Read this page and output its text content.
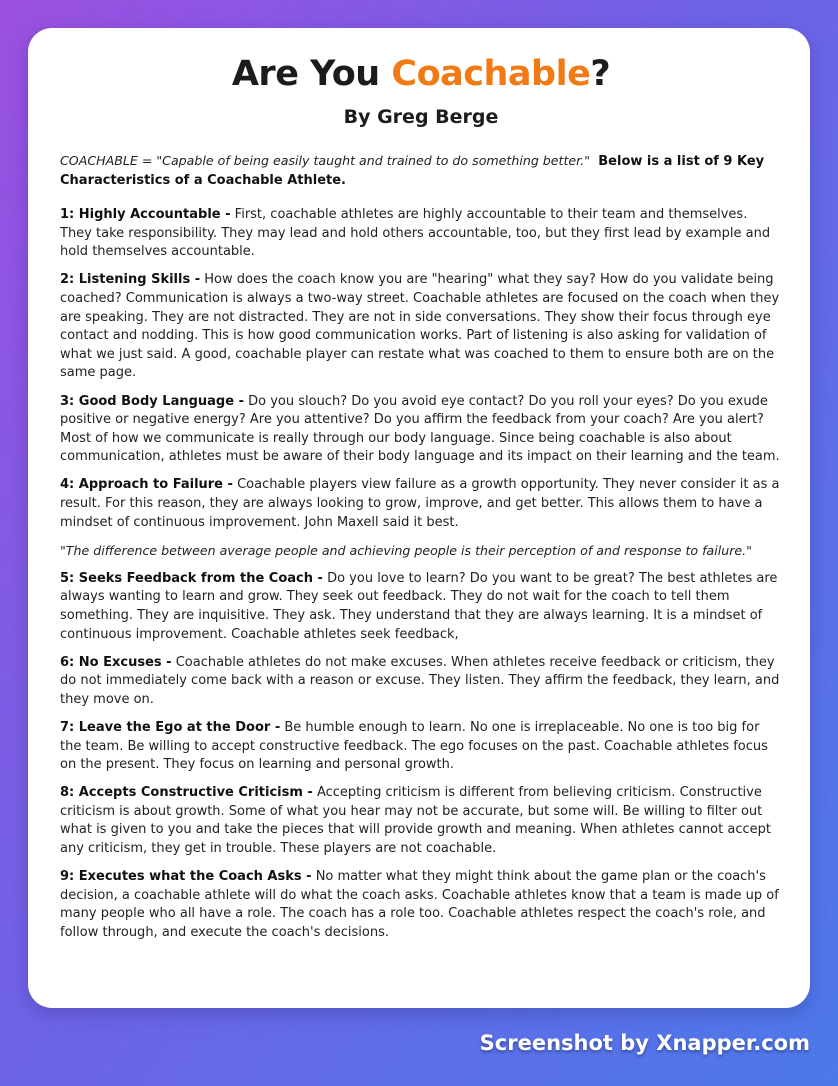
Are You Coachable?
By Greg Berge

COACHABLE = "Capable of being easily taught and trained to do something better." Below is a list of 9 Key Characteristics of a Coachable Athlete.

1: Highly Accountable - First, coachable athletes are highly accountable to their team and themselves. They take responsibility. They may lead and hold others accountable, too, but they first lead by example and hold themselves accountable.

2: Listening Skills - How does the coach know you are "hearing" what they say? How do you validate being coached? Communication is always a two-way street. Coachable athletes are focused on the coach when they are speaking. They are not distracted. They are not in side conversations. They show their focus through eye contact and nodding. This is how good communication works. Part of listening is also asking for validation of what we just said. A good, coachable player can restate what was coached to them to ensure both are on the same page.

3: Good Body Language - Do you slouch? Do you avoid eye contact? Do you roll your eyes? Do you exude positive or negative energy? Are you attentive? Do you affirm the feedback from your coach? Are you alert? Most of how we communicate is really through our body language. Since being coachable is also about communication, athletes must be aware of their body language and its impact on their learning and the team.

4: Approach to Failure - Coachable players view failure as a growth opportunity. They never consider it as a result. For this reason, they are always looking to grow, improve, and get better. This allows them to have a mindset of continuous improvement. John Maxell said it best.

"The difference between average people and achieving people is their perception of and response to failure."

5: Seeks Feedback from the Coach - Do you love to learn? Do you want to be great? The best athletes are always wanting to learn and grow. They seek out feedback. They do not wait for the coach to tell them something. They are inquisitive. They ask. They understand that they are always learning. It is a mindset of continuous improvement. Coachable athletes seek feedback,

6: No Excuses - Coachable athletes do not make excuses. When athletes receive feedback or criticism, they do not immediately come back with a reason or excuse. They listen. They affirm the feedback, they learn, and they move on.

7: Leave the Ego at the Door - Be humble enough to learn. No one is irreplaceable. No one is too big for the team. Be willing to accept constructive feedback. The ego focuses on the past. Coachable athletes focus on the present. They focus on learning and personal growth.

8: Accepts Constructive Criticism - Accepting criticism is different from believing criticism. Constructive criticism is about growth. Some of what you hear may not be accurate, but some will. Be willing to filter out what is given to you and take the pieces that will provide growth and meaning. When athletes cannot accept any criticism, they get in trouble. These players are not coachable.

9: Executes what the Coach Asks - No matter what they might think about the game plan or the coach's decision, a coachable athlete will do what the coach asks. Coachable athletes know that a team is made up of many people who all have a role. The coach has a role too. Coachable athletes respect the coach's role, and follow through, and execute the coach's decisions.

Screenshot by Xnapper.com
